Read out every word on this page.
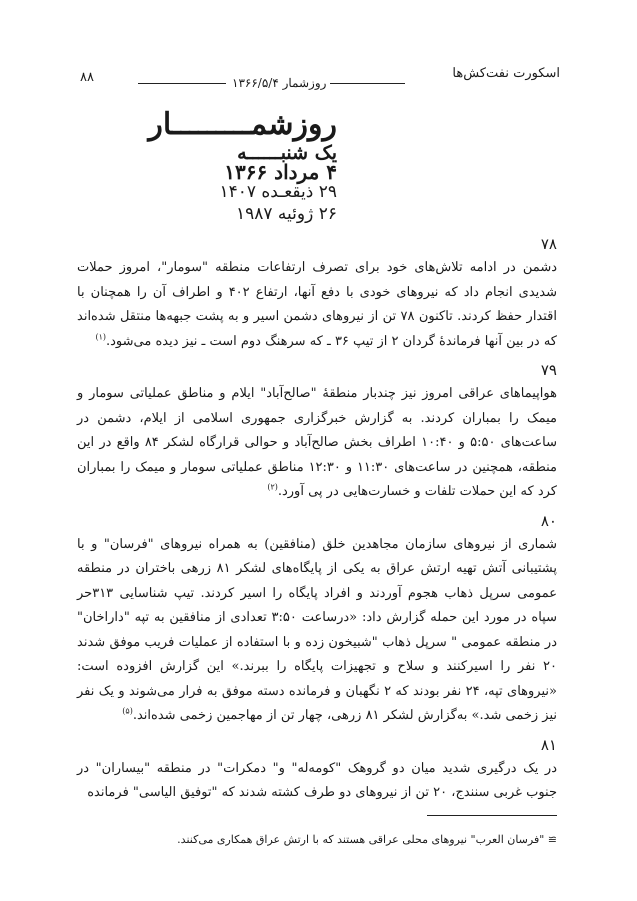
اسکورت نفت‌کش‌ها
روزشمار ۱۳۶۶/۵/۴
۸۸
روزشمـــــــــار
یک شنبــــــه
۴ مرداد ۱۳۶۶
۲۹ ذیقعـده ۱۴۰۷
۲۶ ژوئیه ۱۹۸۷
۷۸

دشمن در ادامه تلاش‌های خود برای تصرف ارتفاعات منطقه "سومار"، امروز حملات شدیدی انجام داد که نیروهای خودی با دفع آنها، ارتفاع ۴۰۲ و اطراف آن را همچنان با اقتدار حفظ کردند. تاکنون ۷۸ تن از نیروهای دشمن اسیر و به پشت جبهه‌ها منتقل شده‌اند که در بین آنها فرماندهٔ گردان ۲ از تیپ ۳۶ ـ که سرهنگ دوم است ـ نیز دیده می‌شود.$^{(۱)}$

۷۹

هواپیماهای عراقی امروز نیز چندبار منطقهٔ "صالح‌آباد" ایلام و مناطق عملیاتی سومار و میمک را بمباران کردند. به گزارش خبرگزاری جمهوری اسلامی از ایلام، دشمن در ساعت‌های ۵:۵۰ و ۱۰:۴۰ اطراف بخش صالح‌آباد و حوالی قرارگاه لشکر ۸۴ واقع در این منطقه، همچنین در ساعت‌های ۱۱:۳۰ و ۱۲:۳۰ مناطق عملیاتی سومار و میمک را بمباران کرد که این حملات تلفات و خسارت‌هایی در پی آورد.$^{(۲)}$

۸۰

شماری از نیروهای سازمان مجاهدین خلق (منافقین) به همراه نیروهای "فرسان" و با پشتیبانی آتش تهیه ارتش عراق به یکی از پایگاه‌های لشکر ۸۱ زرهی باختران در منطقه عمومی سرپل ذهاب هجوم آوردند و افراد پایگاه را اسیر کردند. تیپ شناسایی ۳۱۳حر سپاه در مورد این حمله گزارش داد: «درساعت ۳:۵۰ تعدادی از منافقین به تپه "داراخان" در منطقه عمومی " سرپل ذهاب "شبیخون زده و با استفاده از عملیات فریب موفق شدند ۲۰ نفر را اسیرکنند و سلاح و تجهیزات پایگاه را ببرند.» این گزارش افزوده است: «نیروهای تپه، ۲۴ نفر بودند که ۲ نگهبان و فرمانده دسته موفق به فرار می‌شوند و یک نفر نیز زخمی شد.» به‌گزارش لشکر ۸۱ زرهی، چهار تن از مهاجمین زخمی شده‌اند.$^{(۵)}$

۸۱

در یک درگیری شدید میان دو گروهک "کومه‌له" و" دمکرات" در منطقه "بیساران" در جنوب غربی سنندج، ۲۰ تن از نیروهای دو طرف کشته شدند که "توفیق الیاسی" فرمانده

≅ "فرسان العرب" نیروهای محلی عراقی هستند که با ارتش عراق همکاری می‌کنند.
